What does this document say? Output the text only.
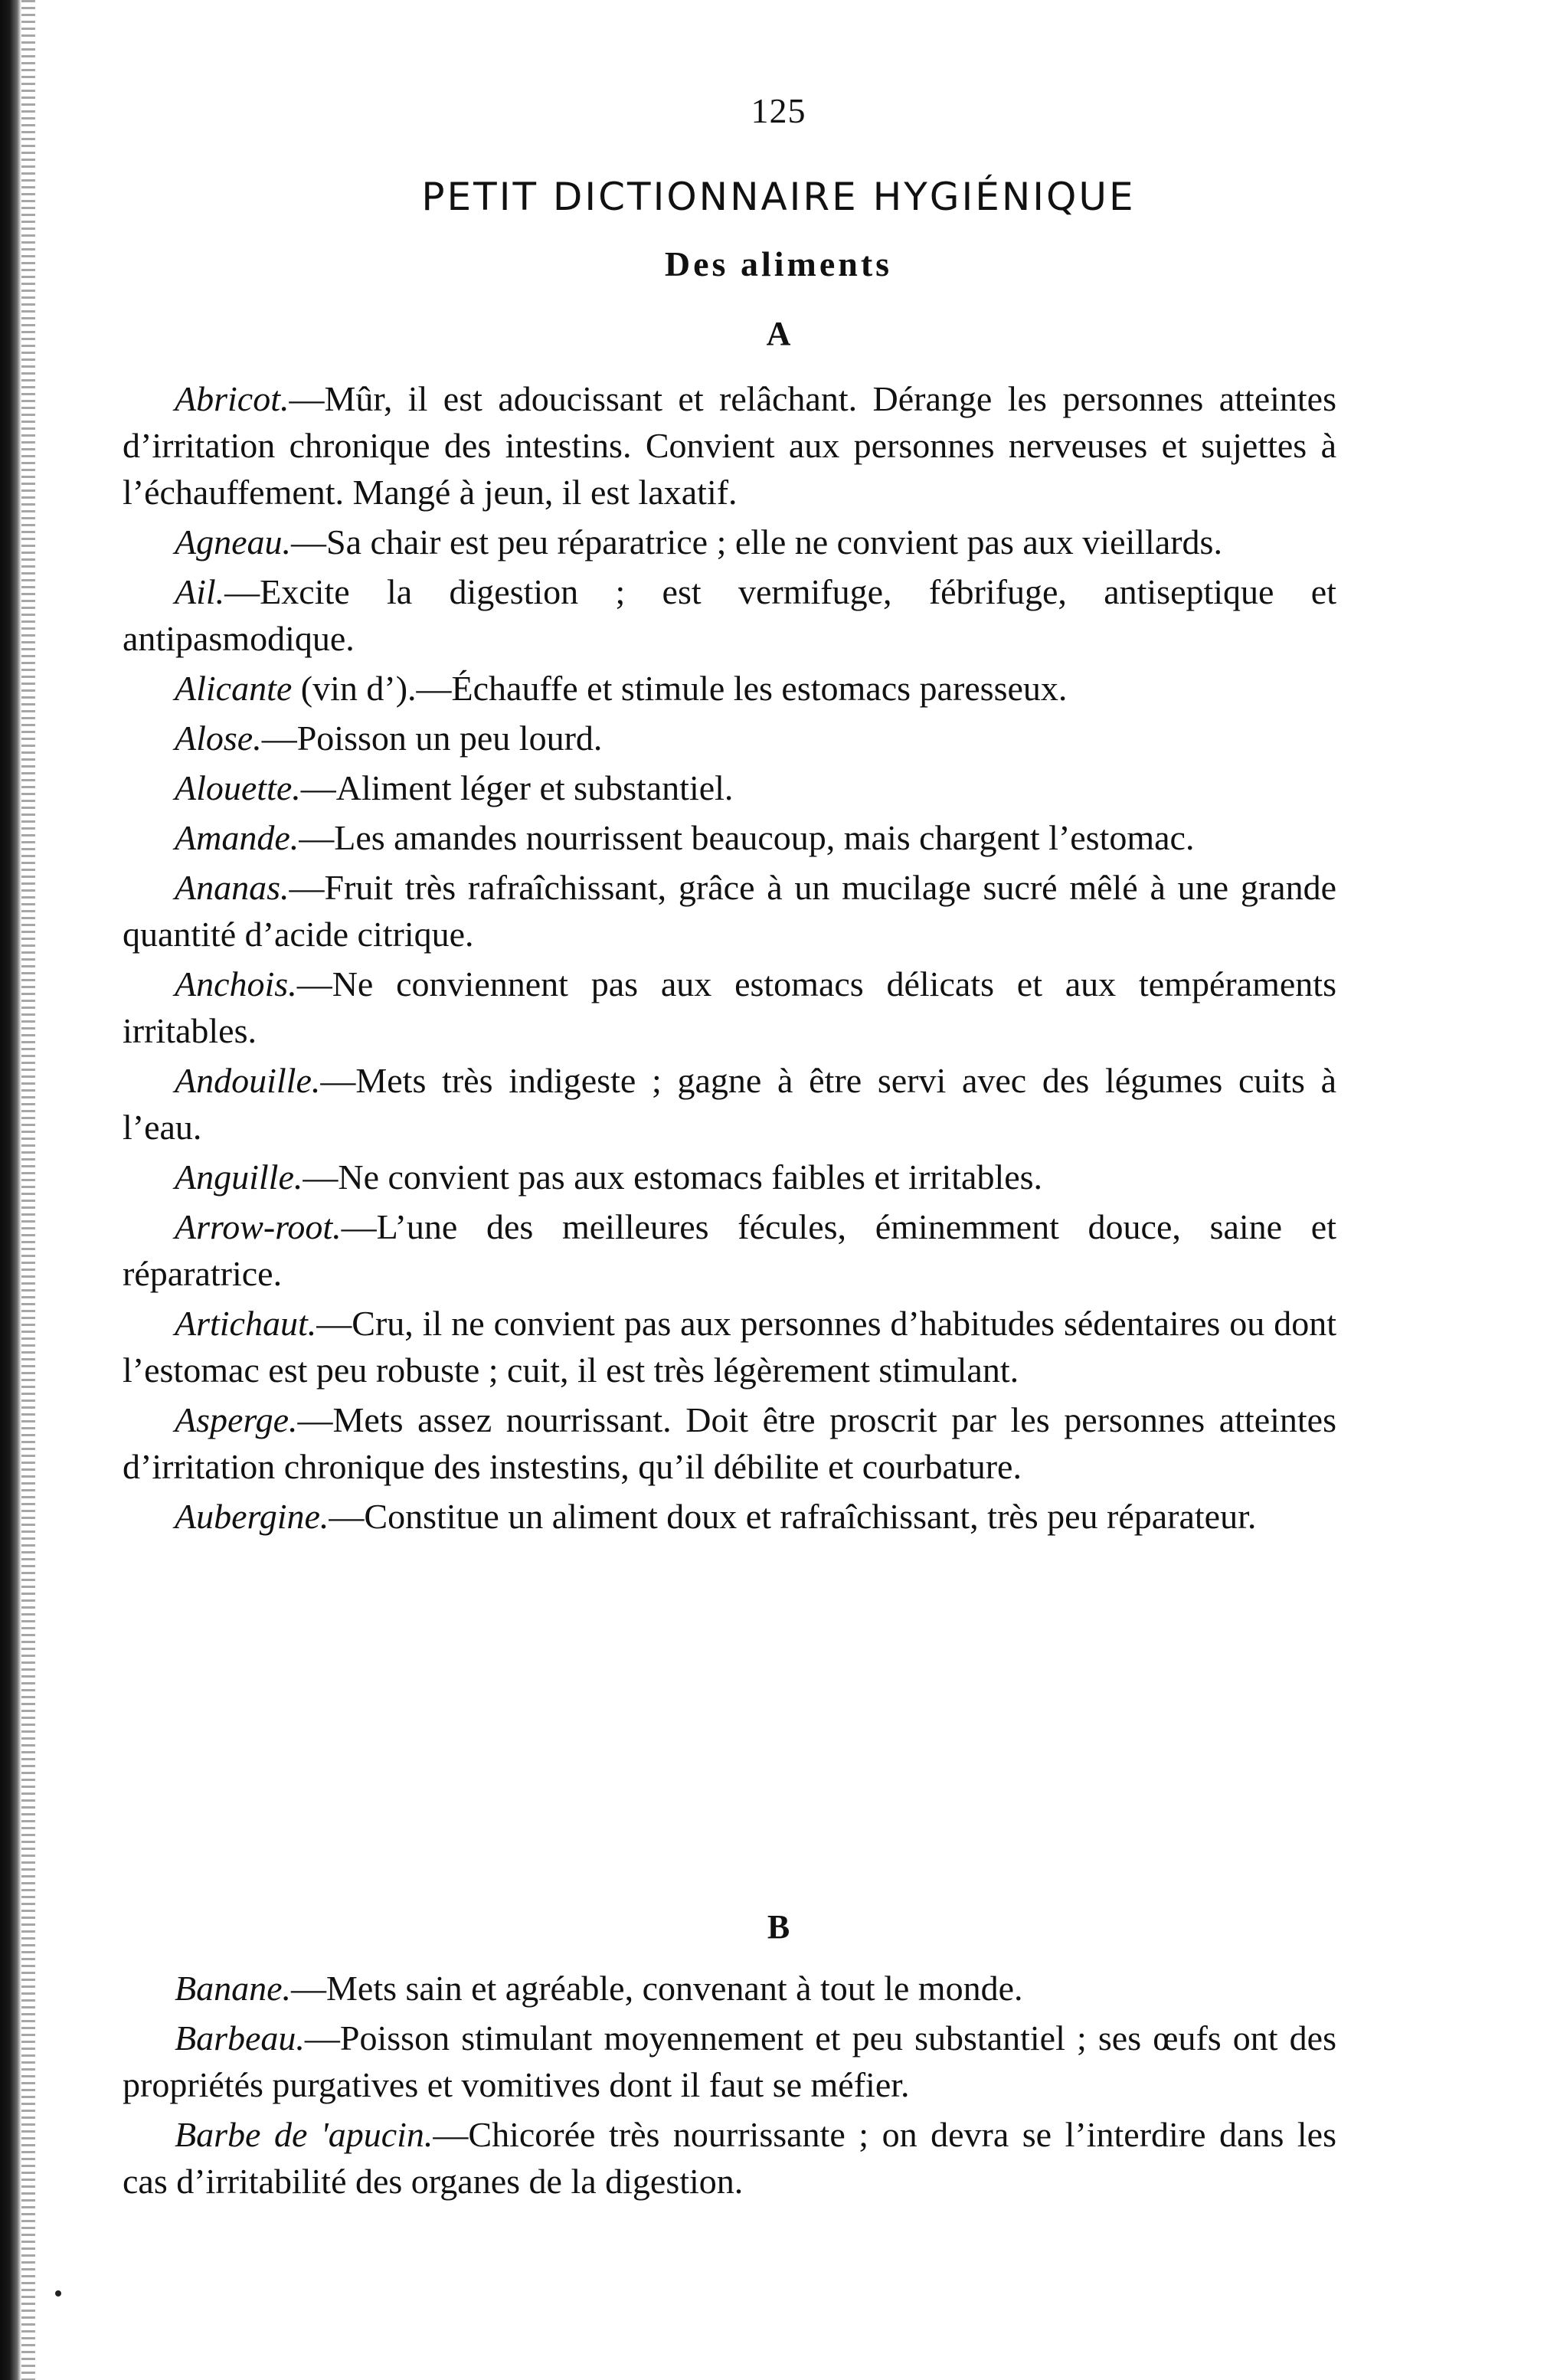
125
PETIT DICTIONNAIRE HYGIÉNIQUE
Des aliments
A

Abricot.—Mûr, il est adoucissant et relâchant. Dérange les personnes atteintes d’irritation chronique des intestins. Convient aux personnes nerveuses et sujettes à l’échauffement. Mangé à jeun, il est laxatif.

Agneau.—Sa chair est peu réparatrice ; elle ne convient pas aux vieillards.

Ail.—Excite la digestion ; est vermifuge, fébrifuge, antiseptique et antipasmodique.

Alicante (vin d’).—Échauffe et stimule les estomacs paresseux.

Alose.—Poisson un peu lourd.

Alouette.—Aliment léger et substantiel.

Amande.—Les amandes nourrissent beaucoup, mais chargent l’estomac.

Ananas.—Fruit très rafraîchissant, grâce à un mucilage sucré mêlé à une grande quantité d’acide citrique.

Anchois.—Ne conviennent pas aux estomacs délicats et aux tempéraments irritables.

Andouille.—Mets très indigeste ; gagne à être servi avec des légumes cuits à l’eau.

Anguille.—Ne convient pas aux estomacs faibles et irritables.

Arrow-root.—L’une des meilleures fécules, éminemment douce, saine et réparatrice.

Artichaut.—Cru, il ne convient pas aux personnes d’habitudes sédentaires ou dont l’estomac est peu robuste ; cuit, il est très légèrement stimulant.

Asperge.—Mets assez nourrissant. Doit être proscrit par les personnes atteintes d’irritation chronique des instestins, qu’il débilite et courbature.

Aubergine.—Constitue un aliment doux et rafraîchissant, très peu réparateur.

B

Banane.—Mets sain et agréable, convenant à tout le monde.

Barbeau.—Poisson stimulant moyennement et peu substantiel ; ses œufs ont des propriétés purgatives et vomitives dont il faut se méfier.

Barbe de 'apucin.—Chicorée très nourrissante ; on devra se l’interdire dans les cas d’irritabilité des organes de la digestion.
